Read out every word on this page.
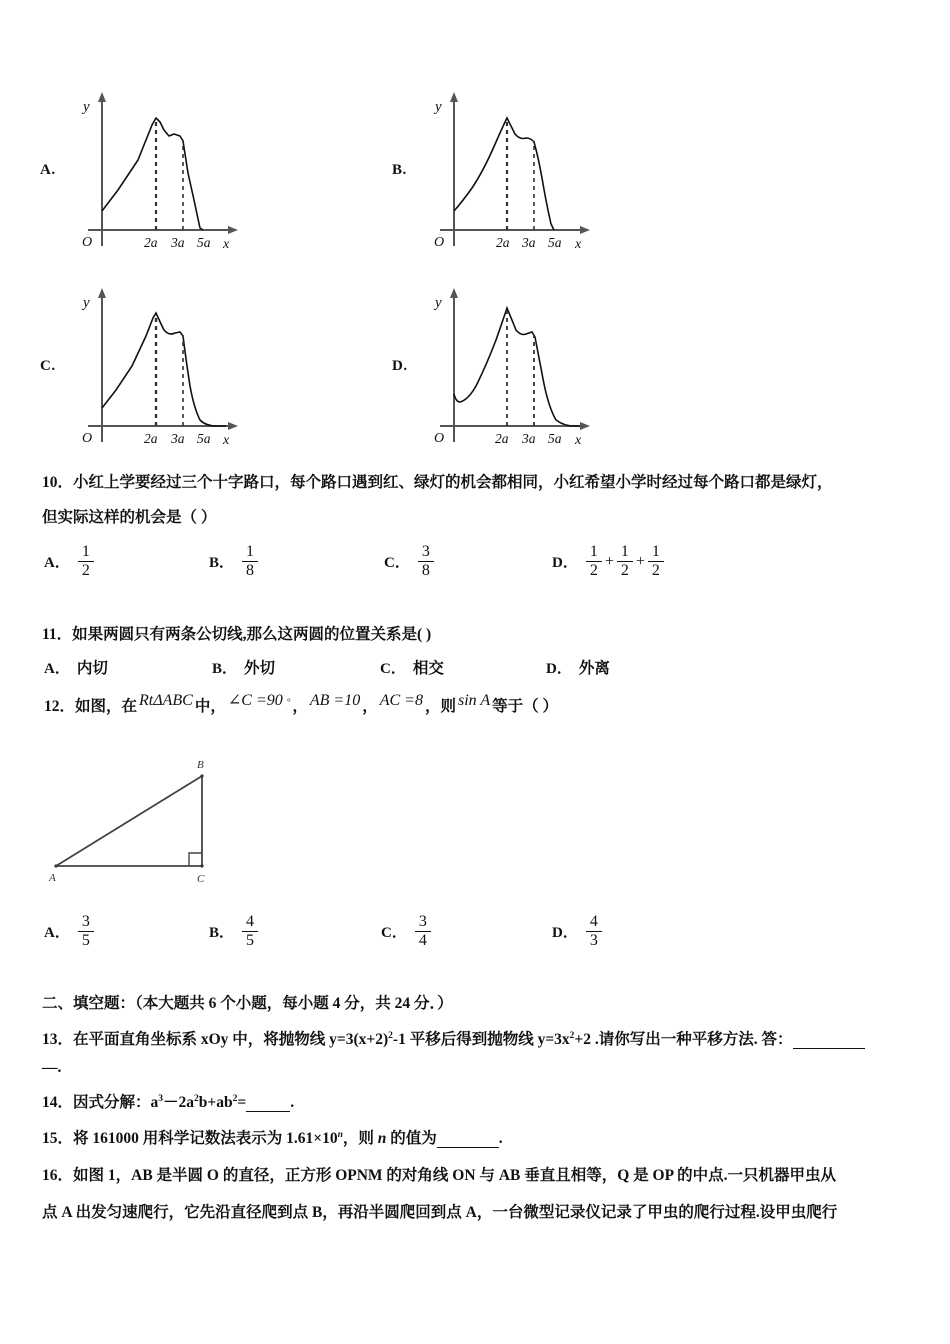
A.
y
O	2a 3a 5a x
B.
y
O	2a 3a 5a x
C.
y
O	2a 3a 5a x
D.
y
O	2a 3a 5a x
10．小红上学要经过三个十字路口，每个路口遇到红、绿灯的机会都相同，小红希望小学时经过每个路口都是绿灯，
但实际这样的机会是（ ）
A． $\frac{1}{2}$	B． $\frac{1}{8}$	C． $\frac{3}{8}$	D． $\frac{1}{2} + \frac{1}{2} + \frac{1}{2}$
11．如果两圆只有两条公切线,那么这两圆的位置关系是( )
A． 内切	B． 外切	C． 相交	D． 外离
12．如图，在 RtΔABC 中， ∠C =90 ° ， AB =10 ， AC =8 ，则 sin A 等于（ ）
A	C
B
A． $\frac{3}{5}$	B． $\frac{4}{5}$	C． $\frac{3}{4}$	D． $\frac{4}{3}$
二、填空题：（本大题共 6 个小题，每小题 4 分，共 24 分．）
13．在平面直角坐标系 xOy 中，将抛物线 $y=3(x+2)^2-1$ 平移后得到抛物线 $y=3x^2+2$ .请你写出一种平移方法. 答：
—.
14．因式分解：$a^3-2a^2b+ab^2=$	.
15．将 161000 用科学记数法表示为 $1.61\times 10^n$，则 n 的值为	.
16．如图 1，AB 是半圆 O 的直径，正方形 OPNM 的对角线 ON 与 AB 垂直且相等，Q 是 OP 的中点.一只机器甲虫从
点 A 出发匀速爬行，它先沿直径爬到点 B，再沿半圆爬回到点 A，一台微型记录仪记录了甲虫的爬行过程.设甲虫爬行
